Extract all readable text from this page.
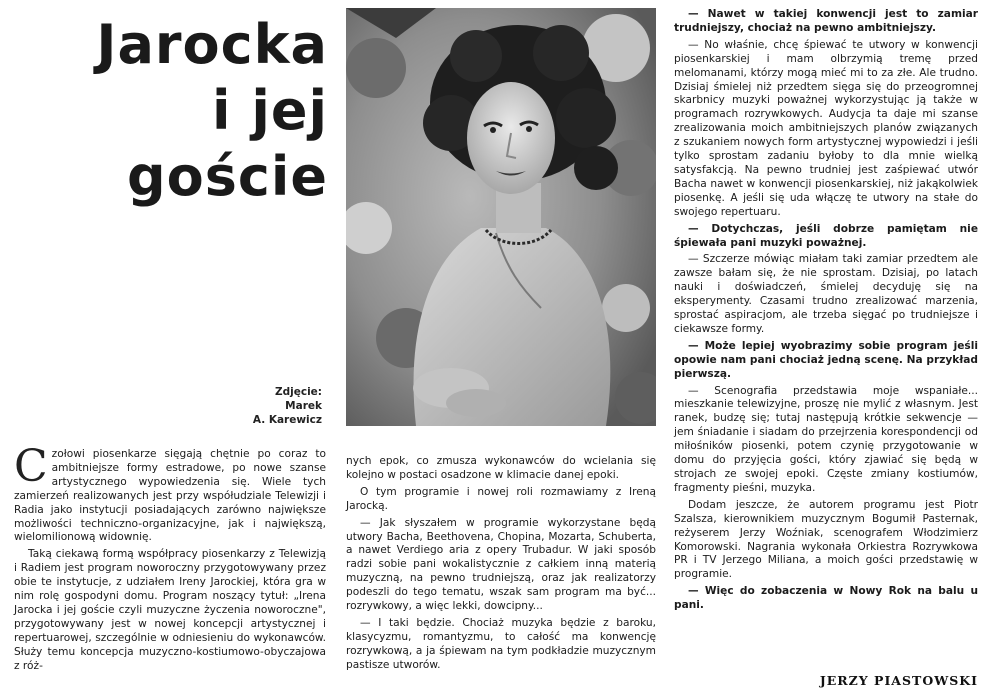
Jarocka
i jej
goście
Zdjęcie:
Marek
A. Karewicz

C zołowi piosenkarze sięgają chętnie po coraz to ambitniejsze formy estradowe, po nowe szanse artystycznego wypowiedzenia się. Wiele tych zamierzeń realizowanych jest przy współudziale Telewizji i Radia jako instytucji posiadających zarówno największe możliwości techniczno-organizacyjne, jak i największą, wielomilionową widownię.

Taką ciekawą formą współpracy piosenkarzy z Telewizją i Radiem jest program noworoczny przygotowywany przez obie te instytucje, z udziałem Ireny Jarockiej, która gra w nim rolę gospodyni domu. Program noszący tytuł: „Irena Jarocka i jej goście czyli muzyczne życzenia noworoczne", przygotowywany jest w nowej koncepcji artystycznej i repertuarowej, szczególnie w odniesieniu do wykonawców. Służy temu koncepcja muzyczno-kostiumowo-obyczajowa z róż-

nych epok, co zmusza wykonawców do wcielania się kolejno w postaci osadzone w klimacie danej epoki.

O tym programie i nowej roli rozmawiamy z Ireną Jarocką.

— Jak słyszałem w programie wykorzystane będą utwory Bacha, Beethovena, Chopina, Mozarta, Schuberta, a nawet Verdiego aria z opery Trubadur. W jaki sposób radzi sobie pani wokalistycznie z całkiem inną materią muzyczną, na pewno trudniejszą, oraz jak realizatorzy podeszli do tego tematu, wszak sam program ma być... rozrywkowy, a więc lekki, dowcipny...

— I taki będzie. Chociaż muzyka będzie z baroku, klasycyzmu, romantyzmu, to całość ma konwencję rozrywkową, a ja śpiewam na tym podkładzie muzycznym pastisze utworów.

— Nawet w takiej konwencji jest to zamiar trudniejszy, chociaż na pewno ambitniejszy.

— No właśnie, chcę śpiewać te utwory w konwencji piosenkarskiej i mam olbrzymią tremę przed melomanami, którzy mogą mieć mi to za złe. Ale trudno. Dzisiaj śmielej niż przedtem sięga się do przeogromnej skarbnicy muzyki poważnej wykorzystując ją także w programach rozrywkowych. Audycja ta daje mi szanse zrealizowania moich ambitniejszych planów związanych z szukaniem nowych form artystycznej wypowiedzi i jeśli tylko sprostam zadaniu byłoby to dla mnie wielką satysfakcją. Na pewno trudniej jest zaśpiewać utwór Bacha nawet w konwencji piosenkarskiej, niż jakąkolwiek piosenkę. A jeśli się uda włączę te utwory na stałe do swojego repertuaru.

— Dotychczas, jeśli dobrze pamiętam nie śpiewała pani muzyki poważnej.

— Szczerze mówiąc miałam taki zamiar przedtem ale zawsze bałam się, że nie sprostam. Dzisiaj, po latach nauki i doświadczeń, śmielej decyduję się na eksperymenty. Czasami trudno zrealizować marzenia, sprostać aspiracjom, ale trzeba sięgać po trudniejsze i ciekawsze formy.

— Może lepiej wyobrazimy sobie program jeśli opowie nam pani chociaż jedną scenę. Na przykład pierwszą.

— Scenografia przedstawia moje wspaniałe... mieszkanie telewizyjne, proszę nie mylić z własnym. Jest ranek, budzę się; tutaj następują krótkie sekwencje — jem śniadanie i siadam do przejrzenia korespondencji od miłośników piosenki, potem czynię przygotowanie w domu do przyjęcia gości, który zjawiać się będą w strojach ze swojej epoki. Częste zmiany kostiumów, fragmenty pieśni, muzyka.

Dodam jeszcze, że autorem programu jest Piotr Szalsza, kierownikiem muzycznym Bogumił Pasternak, reżyserem Jerzy Woźniak, scenografem Włodzimierz Komorowski. Nagrania wykonała Orkiestra Rozrywkowa PR i TV Jerzego Miliana, a moich gości przedstawię w programie.

— Więc do zobaczenia w Nowy Rok na balu u pani.

JERZY PIASTOWSKI
